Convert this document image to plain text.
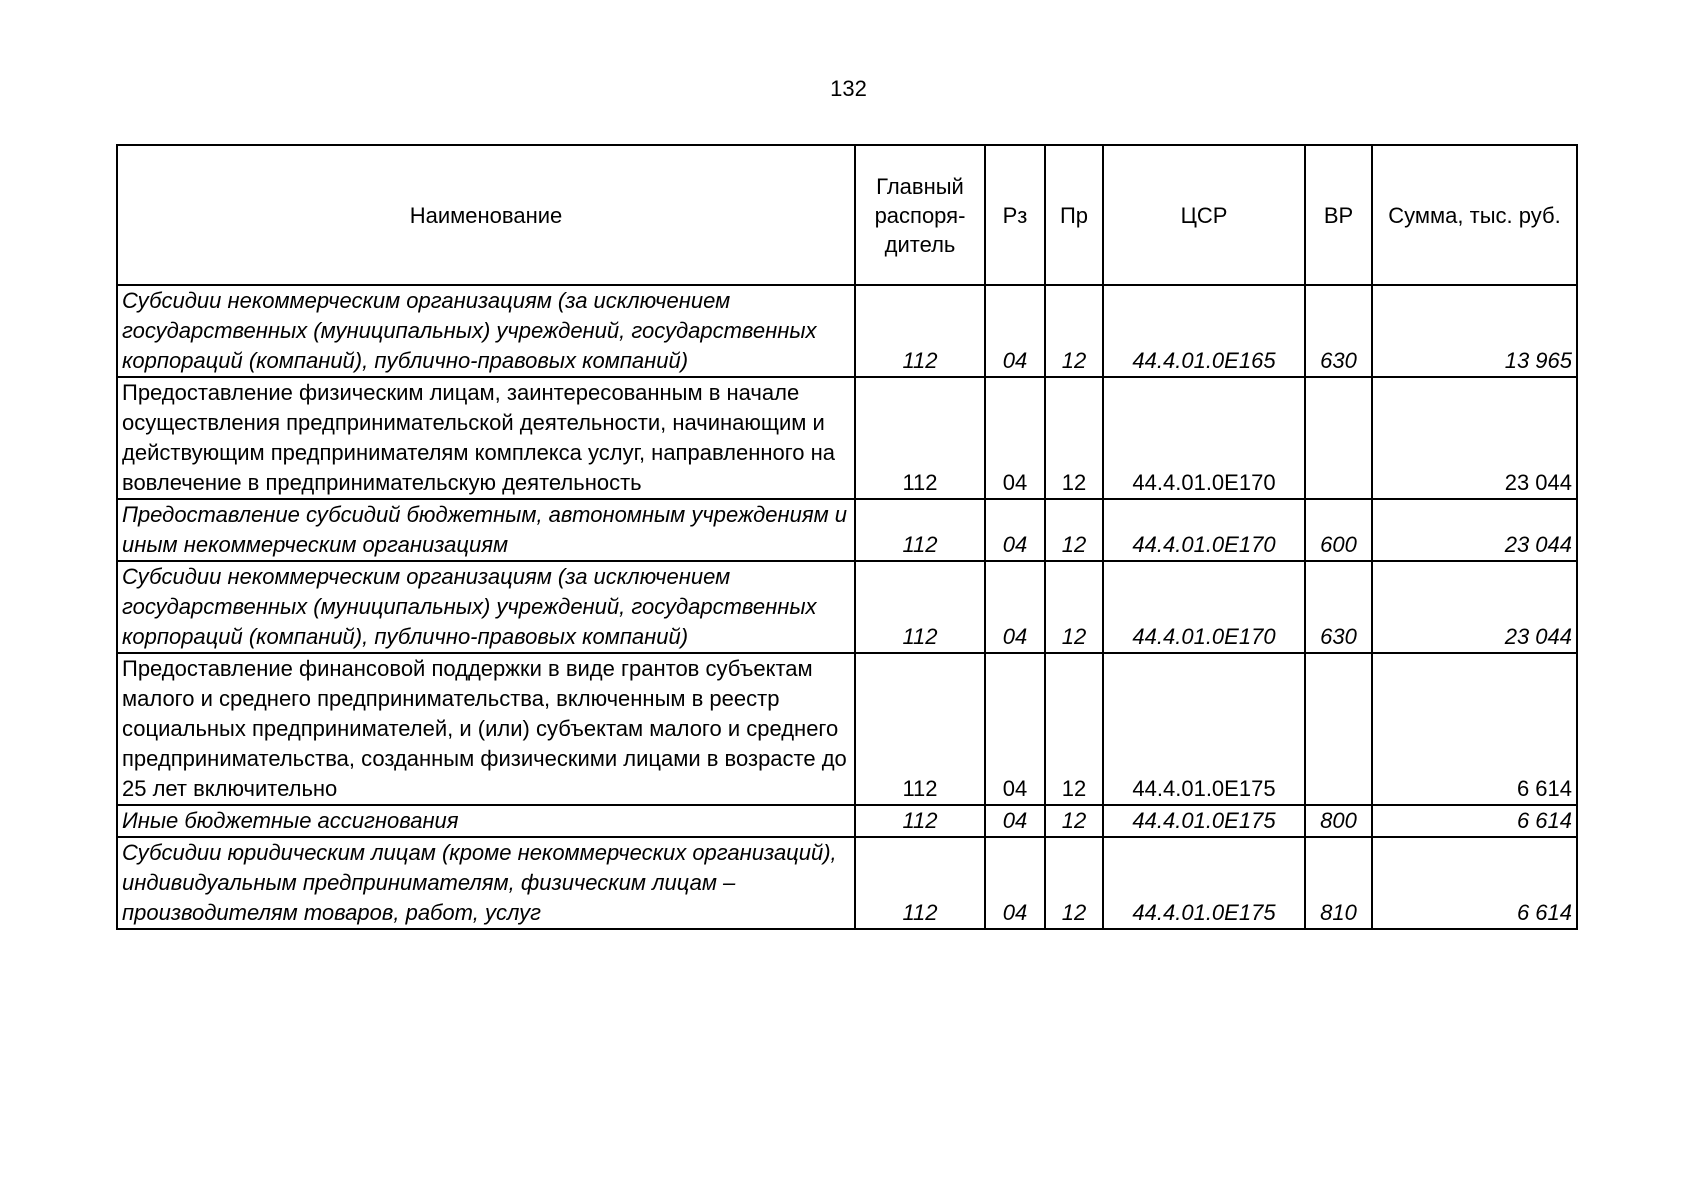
132
Наименование	Главный распоря-дитель	Рз	Пр	ЦСР	ВР	Сумма, тыс. руб.
Субсидии некоммерческим организациям (за исключением государственных (муниципальных) учреждений, государственных корпораций (компаний), публично-правовых компаний)	112	04	12	44.4.01.0Е165	630	13 965
Предоставление физическим лицам, заинтересованным в начале осуществления предпринимательской деятельности, начинающим и действующим предпринимателям комплекса услуг, направленного на вовлечение в предпринимательскую деятельность	112	04	12	44.4.01.0Е170		23 044
Предоставление субсидий бюджетным, автономным учреждениям и иным некоммерческим организациям	112	04	12	44.4.01.0Е170	600	23 044
Субсидии некоммерческим организациям (за исключением государственных (муниципальных) учреждений, государственных корпораций (компаний), публично-правовых компаний)	112	04	12	44.4.01.0Е170	630	23 044
Предоставление финансовой поддержки в виде грантов субъектам малого и среднего предпринимательства, включенным в реестр социальных предпринимателей, и (или) субъектам малого и среднего предпринимательства, созданным физическими лицами в возрасте до 25 лет включительно	112	04	12	44.4.01.0Е175		6 614
Иные бюджетные ассигнования	112	04	12	44.4.01.0Е175	800	6 614
Субсидии юридическим лицам (кроме некоммерческих организаций), индивидуальным предпринимателям, физическим лицам – производителям товаров, работ, услуг	112	04	12	44.4.01.0Е175	810	6 614
